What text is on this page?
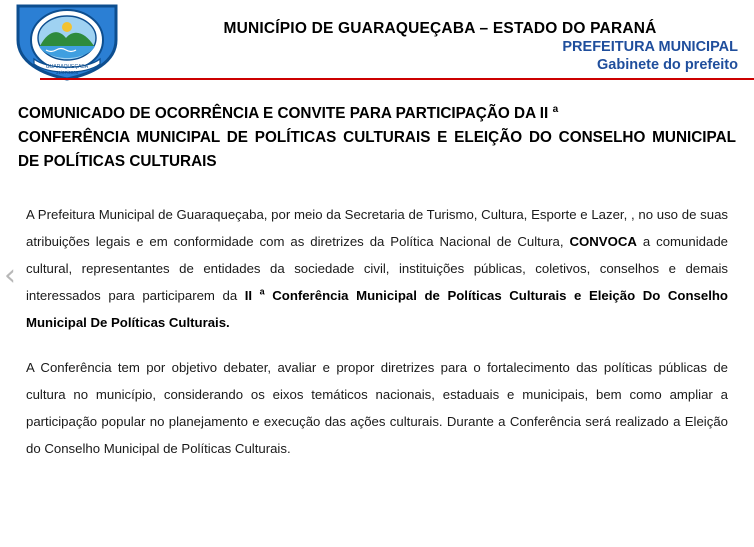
GUARAQUEÇABA
31/07/2006
MUNICÍPIO DE GUARAQUEÇABA – ESTADO DO PARANÁ
PREFEITURA MUNICIPAL
Gabinete do prefeito
COMUNICADO DE OCORRÊNCIA E CONVITE PARA PARTICIPAÇÃO DA II $^a$
CONFERÊNCIA MUNICIPAL DE POLÍTICAS CULTURAIS E ELEIÇÃO DO CONSELHO MUNICIPAL DE POLÍTICAS CULTURAIS

A Prefeitura Municipal de Guaraqueçaba, por meio da Secretaria de Turismo, Cultura, Esporte e Lazer, , no uso de suas atribuições legais e em conformidade com as diretrizes da Política Nacional de Cultura, CONVOCA a comunidade cultural, representantes de entidades da sociedade civil, instituições públicas, coletivos, conselhos e demais interessados para participarem da II $^a$ Conferência Municipal de Políticas Culturais e Eleição Do Conselho Municipal De Políticas Culturais.

A Conferência tem por objetivo debater, avaliar e propor diretrizes para o fortalecimento das políticas públicas de cultura no município, considerando os eixos temáticos nacionais, estaduais e municipais, bem como ampliar a participação popular no planejamento e execução das ações culturais. Durante a Conferência será realizado a Eleição do Conselho Municipal de Políticas Culturais.

‹
